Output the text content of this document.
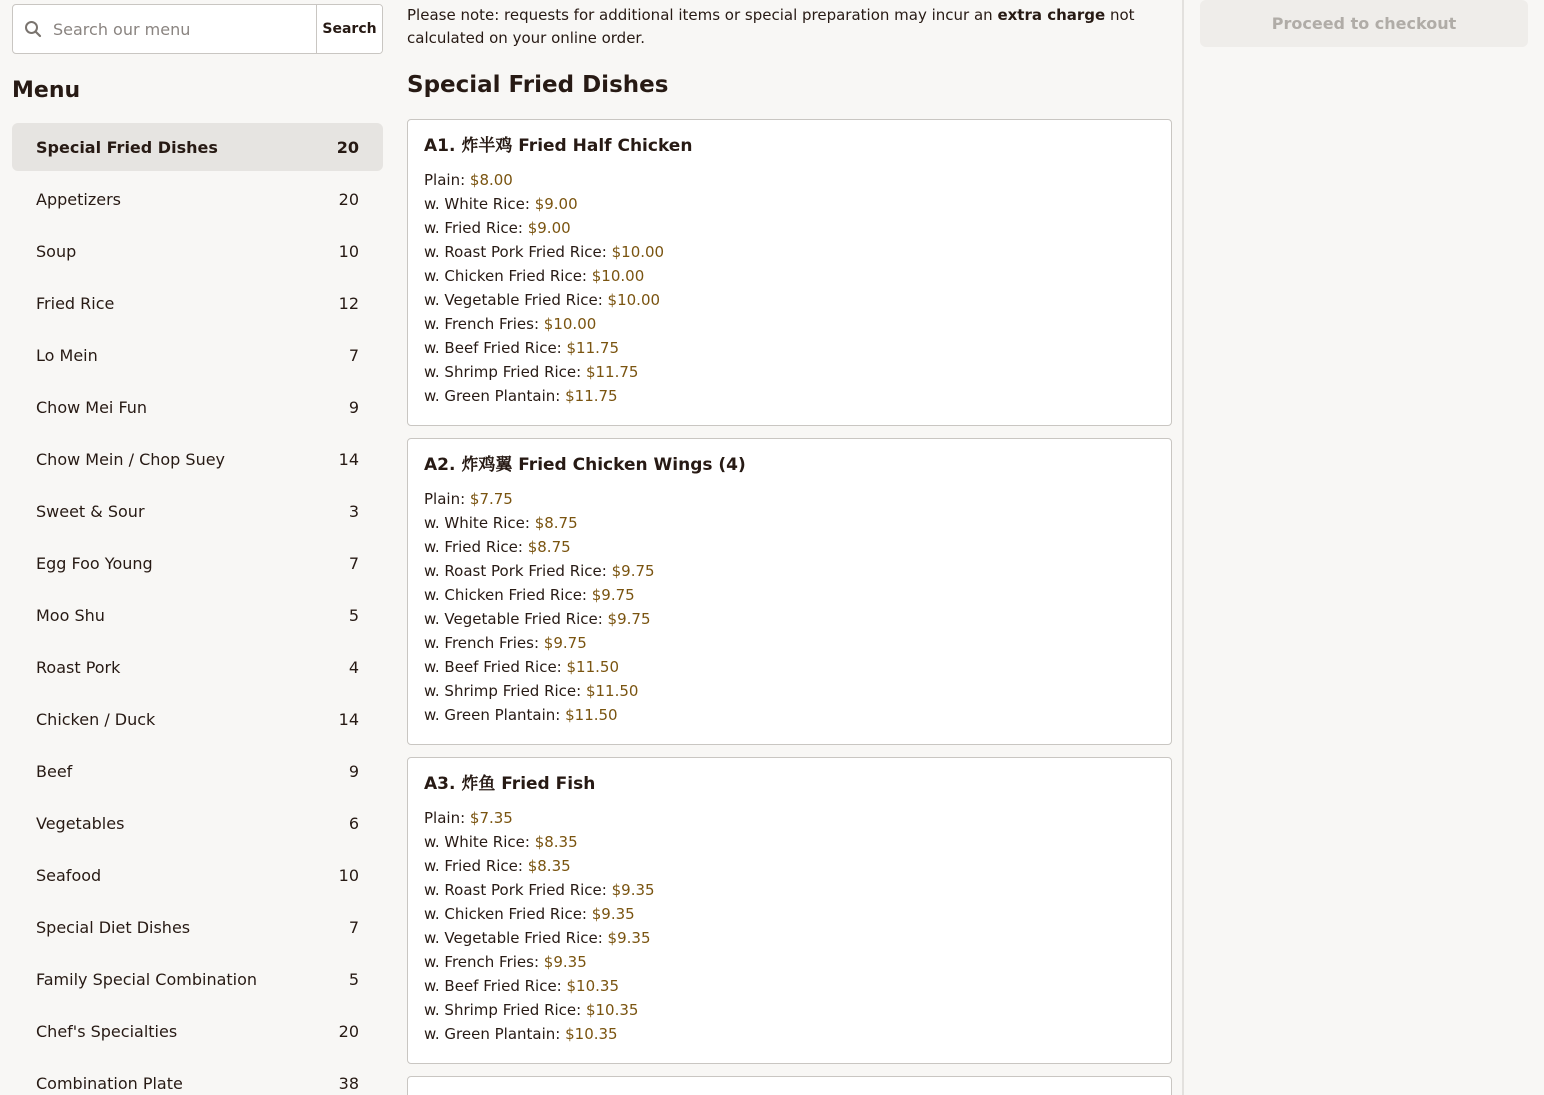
Search our menu
Search
Menu
Special Fried Dishes	20
Appetizers	20
Soup	10
Fried Rice	12
Lo Mein	7
Chow Mei Fun	9
Chow Mein / Chop Suey	14
Sweet & Sour	3
Egg Foo Young	7
Moo Shu	5
Roast Pork	4
Chicken / Duck	14
Beef	9
Vegetables	6
Seafood	10
Special Diet Dishes	7
Family Special Combination	5
Chef's Specialties	20
Combination Plate	38

Please note: requests for additional items or special preparation may incur an extra charge not calculated on your online order.

Special Fried Dishes
A1. 炸半鸡 Fried Half Chicken
Plain: $8.00
w. White Rice: $9.00
w. Fried Rice: $9.00
w. Roast Pork Fried Rice: $10.00
w. Chicken Fried Rice: $10.00
w. Vegetable Fried Rice: $10.00
w. French Fries: $10.00
w. Beef Fried Rice: $11.75
w. Shrimp Fried Rice: $11.75
w. Green Plantain: $11.75
A2. 炸鸡翼 Fried Chicken Wings (4)
Plain: $7.75
w. White Rice: $8.75
w. Fried Rice: $8.75
w. Roast Pork Fried Rice: $9.75
w. Chicken Fried Rice: $9.75
w. Vegetable Fried Rice: $9.75
w. French Fries: $9.75
w. Beef Fried Rice: $11.50
w. Shrimp Fried Rice: $11.50
w. Green Plantain: $11.50
A3. 炸鱼 Fried Fish
Plain: $7.35
w. White Rice: $8.35
w. Fried Rice: $8.35
w. Roast Pork Fried Rice: $9.35
w. Chicken Fried Rice: $9.35
w. Vegetable Fried Rice: $9.35
w. French Fries: $9.35
w. Beef Fried Rice: $10.35
w. Shrimp Fried Rice: $10.35
w. Green Plantain: $10.35
Proceed to checkout
